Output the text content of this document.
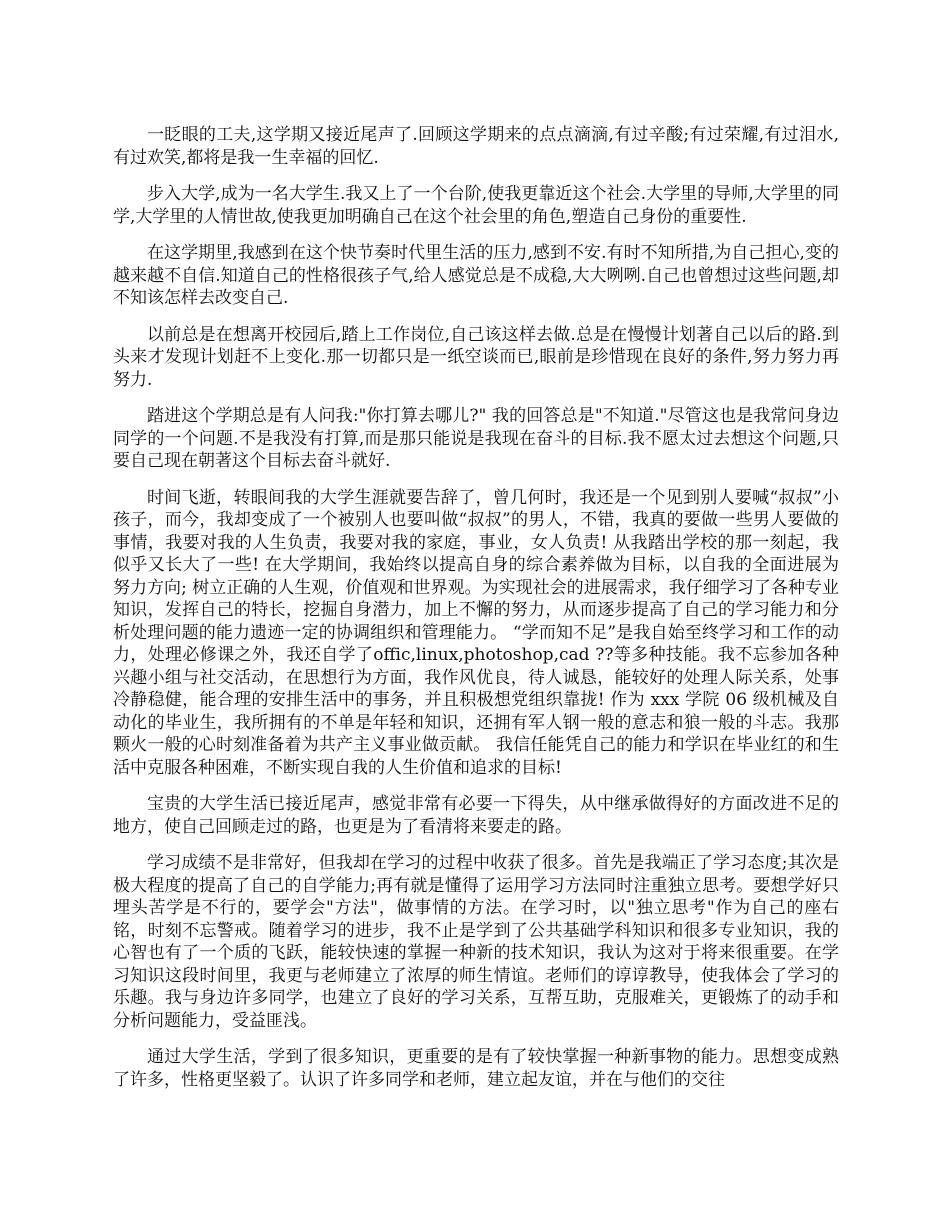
一眨眼的工夫,这学期又接近尾声了.回顾这学期来的点点滴滴,有过辛酸;有过荣耀,有过泪水,有过欢笑,都将是我一生幸福的回忆.

步入大学,成为一名大学生.我又上了一个台阶,使我更靠近这个社会.大学里的导师,大学里的同学,大学里的人情世故,使我更加明确自己在这个社会里的角色,塑造自己身份的重要性.

在这学期里,我感到在这个快节奏时代里生活的压力,感到不安.有时不知所措,为自己担心,变的越来越不自信.知道自己的性格很孩子气,给人感觉总是不成稳,大大咧咧.自己也曾想过这些问题,却不知该怎样去改变自己.

以前总是在想离开校园后,踏上工作岗位,自己该这样去做.总是在慢慢计划著自己以后的路.到头来才发现计划赶不上变化.那一切都只是一纸空谈而已,眼前是珍惜现在良好的条件,努力努力再努力.

踏进这个学期总是有人问我:"你打算去哪儿?" 我的回答总是"不知道."尽管这也是我常问身边同学的一个问题.不是我没有打算,而是那只能说是我现在奋斗的目标.我不愿太过去想这个问题,只要自己现在朝著这个目标去奋斗就好.

时间飞逝，转眼间我的大学生涯就要告辞了，曾几何时，我还是一个见到别人要喊“叔叔”小孩子，而今，我却变成了一个被别人也要叫做“叔叔”的男人，不错，我真的要做一些男人要做的事情，我要对我的人生负责，我要对我的家庭，事业，女人负责! 从我踏出学校的那一刻起，我似乎又长大了一些! 在大学期间，我始终以提高自身的综合素养做为目标，以自我的全面进展为努力方向; 树立正确的人生观，价值观和世界观。为实现社会的进展需求，我仔细学习了各种专业知识，发挥自己的特长，挖掘自身潜力，加上不懈的努力，从而逐步提高了自己的学习能力和分析处理问题的能力遗迹一定的协调组织和管理能力。 “学而知不足”是我自始至终学习和工作的动力，处理必修课之外，我还自学了offic,linux,photoshop,cad ??等多种技能。我不忘参加各种兴趣小组与社交活动，在思想行为方面，我作风优良，待人诚恳，能较好的处理人际关系，处事冷静稳健，能合理的安排生活中的事务，并且积极想党组织靠拢! 作为 xxx 学院 06 级机械及自动化的毕业生，我所拥有的不单是年轻和知识，还拥有军人钢一般的意志和狼一般的斗志。我那颗火一般的心时刻准备着为共产主义事业做贡献。 我信任能凭自己的能力和学识在毕业红的和生活中克服各种困难，不断实现自我的人生价值和追求的目标!

宝贵的大学生活已接近尾声，感觉非常有必要一下得失，从中继承做得好的方面改进不足的地方，使自己回顾走过的路，也更是为了看清将来要走的路。

学习成绩不是非常好，但我却在学习的过程中收获了很多。首先是我端正了学习态度;其次是极大程度的提高了自己的自学能力;再有就是懂得了运用学习方法同时注重独立思考。要想学好只埋头苦学是不行的，要学会"方法"，做事情的方法。在学习时，以"独立思考"作为自己的座右铭，时刻不忘警戒。随着学习的进步，我不止是学到了公共基础学科知识和很多专业知识，我的心智也有了一个质的飞跃，能较快速的掌握一种新的技术知识，我认为这对于将来很重要。在学习知识这段时间里，我更与老师建立了浓厚的师生情谊。老师们的谆谆教导，使我体会了学习的乐趣。我与身边许多同学，也建立了良好的学习关系，互帮互助，克服难关，更锻炼了的动手和分析问题能力，受益匪浅。

通过大学生活，学到了很多知识，更重要的是有了较快掌握一种新事物的能力。思想变成熟了许多，性格更坚毅了。认识了许多同学和老师，建立起友谊，并在与他们的交往
